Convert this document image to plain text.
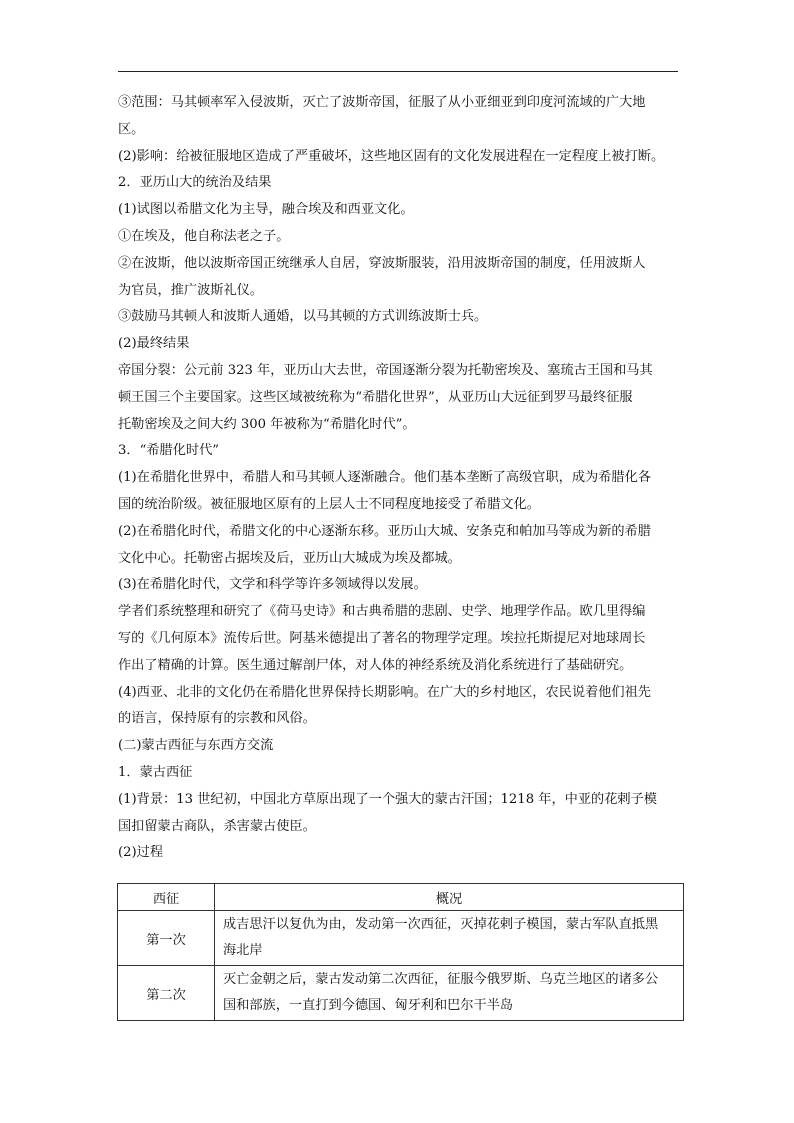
③范围：马其顿率军入侵波斯，灭亡了波斯帝国，征服了从小亚细亚到印度河流域的广大地
区。
(2)影响：给被征服地区造成了严重破坏，这些地区固有的文化发展进程在一定程度上被打断。
2．亚历山大的统治及结果
(1)试图以希腊文化为主导，融合埃及和西亚文化。
①在埃及，他自称法老之子。
②在波斯，他以波斯帝国正统继承人自居，穿波斯服装，沿用波斯帝国的制度，任用波斯人
为官员，推广波斯礼仪。
③鼓励马其顿人和波斯人通婚，以马其顿的方式训练波斯士兵。
(2)最终结果
帝国分裂：公元前 323 年，亚历山大去世，帝国逐渐分裂为托勒密埃及、塞琉古王国和马其
顿王国三个主要国家。这些区域被统称为“希腊化世界”，从亚历山大远征到罗马最终征服
托勒密埃及之间大约 300 年被称为“希腊化时代”。
3．“希腊化时代”
(1)在希腊化世界中，希腊人和马其顿人逐渐融合。他们基本垄断了高级官职，成为希腊化各
国的统治阶级。被征服地区原有的上层人士不同程度地接受了希腊文化。
(2)在希腊化时代，希腊文化的中心逐渐东移。亚历山大城、安条克和帕加马等成为新的希腊
文化中心。托勒密占据埃及后，亚历山大城成为埃及都城。
(3)在希腊化时代，文学和科学等许多领域得以发展。
学者们系统整理和研究了《荷马史诗》和古典希腊的悲剧、史学、地理学作品。欧几里得编
写的《几何原本》流传后世。阿基米德提出了著名的物理学定理。埃拉托斯提尼对地球周长
作出了精确的计算。医生通过解剖尸体，对人体的神经系统及消化系统进行了基础研究。
(4)西亚、北非的文化仍在希腊化世界保持长期影响。在广大的乡村地区，农民说着他们祖先
的语言，保持原有的宗教和风俗。
(二)蒙古西征与东西方交流
1．蒙古西征
(1)背景：13 世纪初，中国北方草原出现了一个强大的蒙古汗国；1218 年，中亚的花剌子模
国扣留蒙古商队，杀害蒙古使臣。
(2)过程
西征	概况
第一次	成吉思汗以复仇为由，发动第一次西征，灭掉花剌子模国，蒙古军队直抵黑
海北岸

第二次	灭亡金朝之后，蒙古发动第二次西征，征服今俄罗斯、乌克兰地区的诸多公
国和部族，一直打到今德国、匈牙利和巴尔干半岛
